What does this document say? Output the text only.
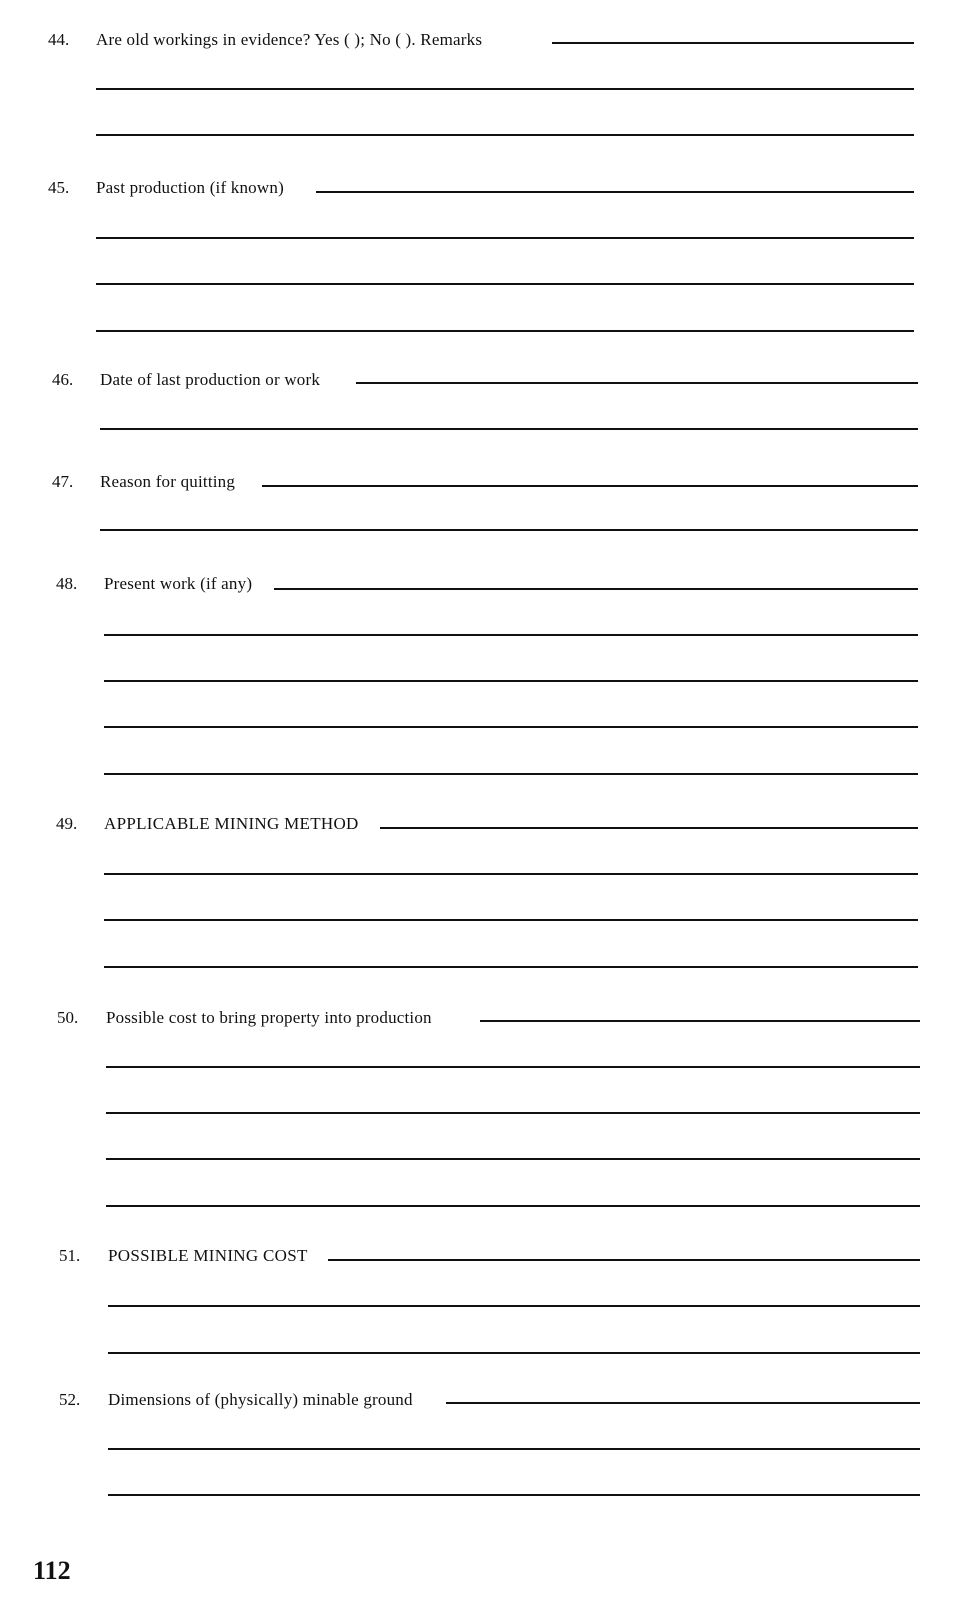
44. Are old workings in evidence? Yes ( ); No ( ). Remarks
45. Past production (if known)
46. Date of last production or work
47. Reason for quitting
48. Present work (if any)
49. APPLICABLE MINING METHOD
50. Possible cost to bring property into production
51. POSSIBLE MINING COST
52. Dimensions of (physically) minable ground
112
